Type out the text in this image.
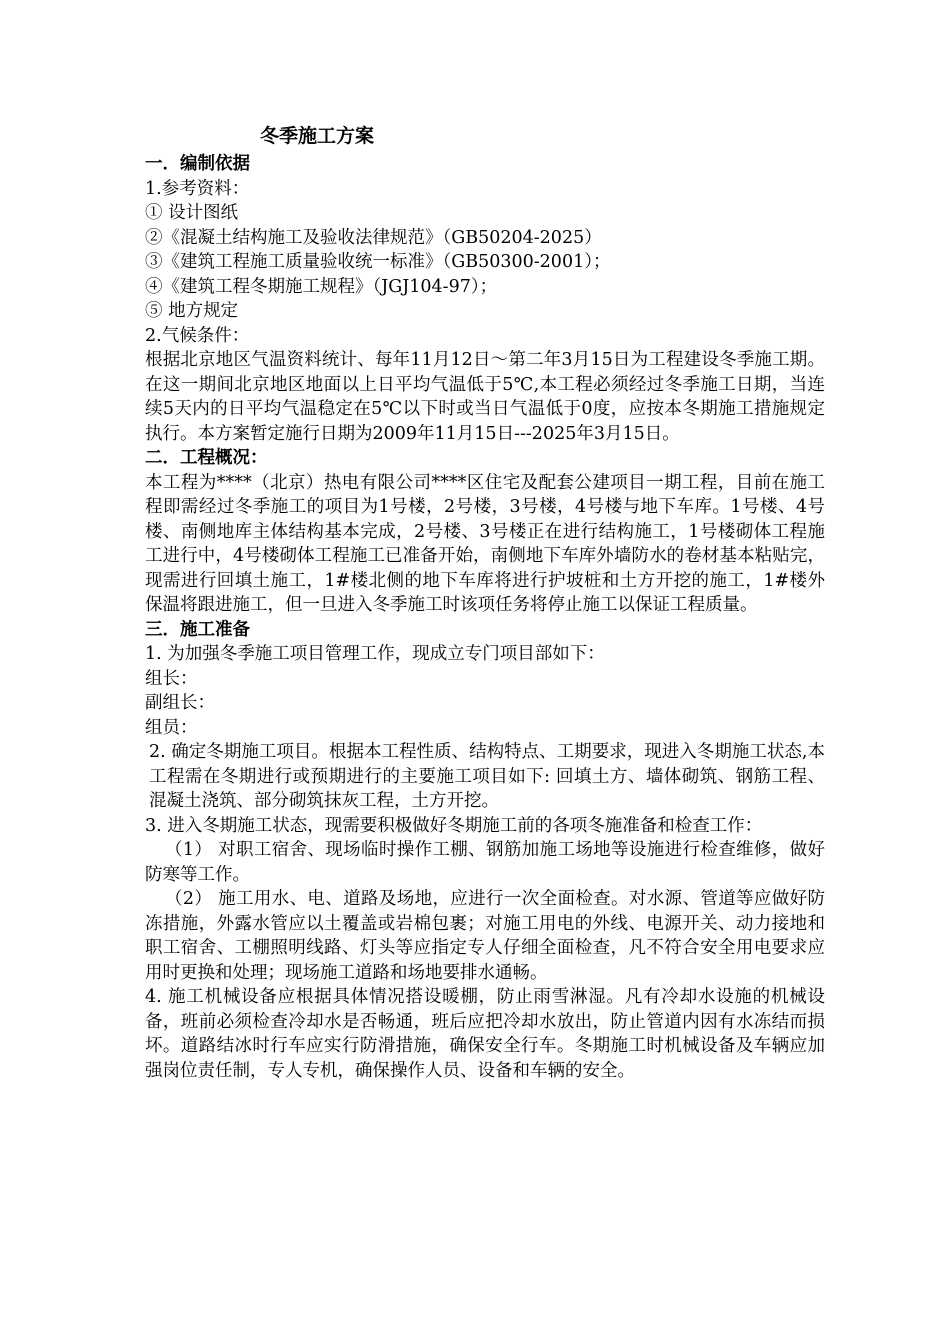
冬季施工方案
一．编制依据
1.参考资料：
① 设计图纸
②《混凝土结构施工及验收法律规范》（GB50204-2025）
③《建筑工程施工质量验收统一标准》（GB50300-2001）；
④《建筑工程冬期施工规程》（JGJ104-97）；
⑤ 地方规定
2.气候条件：
根据北京地区气温资料统计、每年11月12日～第二年3月15日为工程建设冬季施工期。在这一期间北京地区地面以上日平均气温低于5℃,本工程必须经过冬季施工日期，当连续5天内的日平均气温稳定在5℃以下时或当日气温低于0度，应按本冬期施工措施规定执行。本方案暂定施行日期为2009年11月15日---2025年3月15日。
二．工程概况：
本工程为****（北京）热电有限公司****区住宅及配套公建项目一期工程，目前在施工程即需经过冬季施工的项目为1号楼，2号楼，3号楼，4号楼与地下车库。1号楼、4号楼、南侧地库主体结构基本完成，2号楼、3号楼正在进行结构施工，1号楼砌体工程施工进行中，4号楼砌体工程施工已准备开始，南侧地下车库外墙防水的卷材基本粘贴完，现需进行回填土施工，1#楼北侧的地下车库将进行护坡桩和土方开挖的施工，1#楼外保温将跟进施工，但一旦进入冬季施工时该项任务将停止施工以保证工程质量。
三．施工准备
1. 为加强冬季施工项目管理工作，现成立专门项目部如下：
组长：
副组长：
组员：
2. 确定冬期施工项目。根据本工程性质、结构特点、工期要求，现进入冬期施工状态,本工程需在冬期进行或预期进行的主要施工项目如下: 回填土方、墙体砌筑、钢筋工程、混凝土浇筑、部分砌筑抹灰工程，土方开挖。
3. 进入冬期施工状态，现需要积极做好冬期施工前的各项冬施准备和检查工作：
（1） 对职工宿舍、现场临时操作工棚、钢筋加施工场地等设施进行检查维修，做好防寒等工作。
（2） 施工用水、电、道路及场地，应进行一次全面检查。对水源、管道等应做好防冻措施，外露水管应以土覆盖或岩棉包裹；对施工用电的外线、电源开关、动力接地和职工宿舍、工棚照明线路、灯头等应指定专人仔细全面检查，凡不符合安全用电要求应用时更换和处理；现场施工道路和场地要排水通畅。
4. 施工机械设备应根据具体情况搭设暖棚，防止雨雪淋湿。凡有冷却水设施的机械设备，班前必须检查冷却水是否畅通，班后应把冷却水放出，防止管道内因有水冻结而损坏。道路结冰时行车应实行防滑措施，确保安全行车。冬期施工时机械设备及车辆应加强岗位责任制，专人专机，确保操作人员、设备和车辆的安全。
